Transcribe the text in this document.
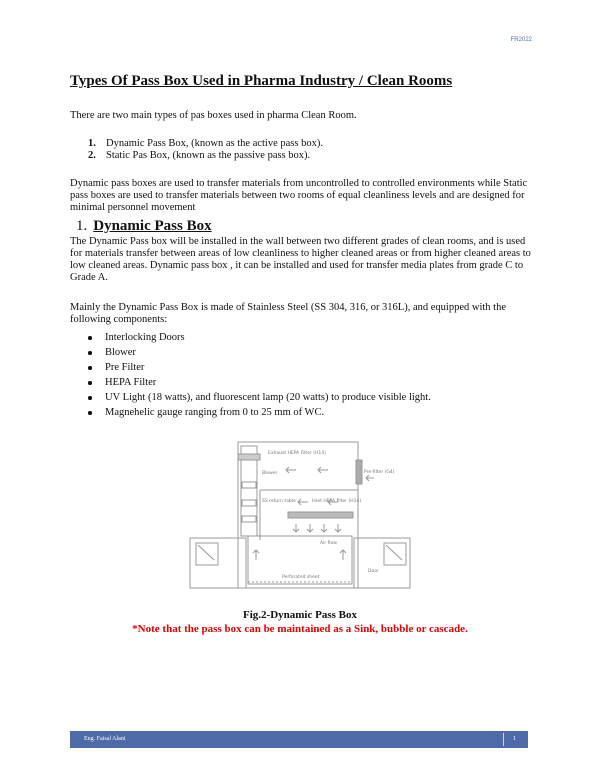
FR2022
Types Of Pass Box Used in Pharma Industry / Clean Rooms
There are two main types of pas boxes used in pharma Clean Room.
1. Dynamic Pass Box, (known as the active pass box).
2. Static Pas Box, (known as the passive pass box).
Dynamic pass boxes are used to transfer materials from uncontrolled to controlled environments while Static pass boxes are used to transfer materials between two rooms of equal cleanliness levels and are designed for minimal personnel movement
1. Dynamic Pass Box
The Dynamic Pass box will be installed in the wall between two different grades of clean rooms, and is used for materials transfer between areas of low cleanliness to higher cleaned areas or from higher cleaned areas to low cleaned areas. Dynamic pass box , it can be installed and used for transfer media plates from grade C to Grade A.
Mainly the Dynamic Pass Box is made of Stainless Steel (SS 304, 316, or 316L), and equipped with the following components:
Interlocking Doors
Blower
Pre Filter
HEPA Filter
UV Light (18 watts), and fluorescent lamp (20 watts) to produce visible light.
Magnehelic gauge ranging from 0 to 25 mm of WC.
Exhaust HEPA Filter (H14)
Blower	Pre-filter (G4)
SS return table	Inlet HEPA filter (H14)
Air flow
Perforated sheet
Door
Fig.2-Dynamic Pass Box
*Note that the pass box can be maintained as a Sink, bubble or cascade.
Eng. Faisal Alani	1
